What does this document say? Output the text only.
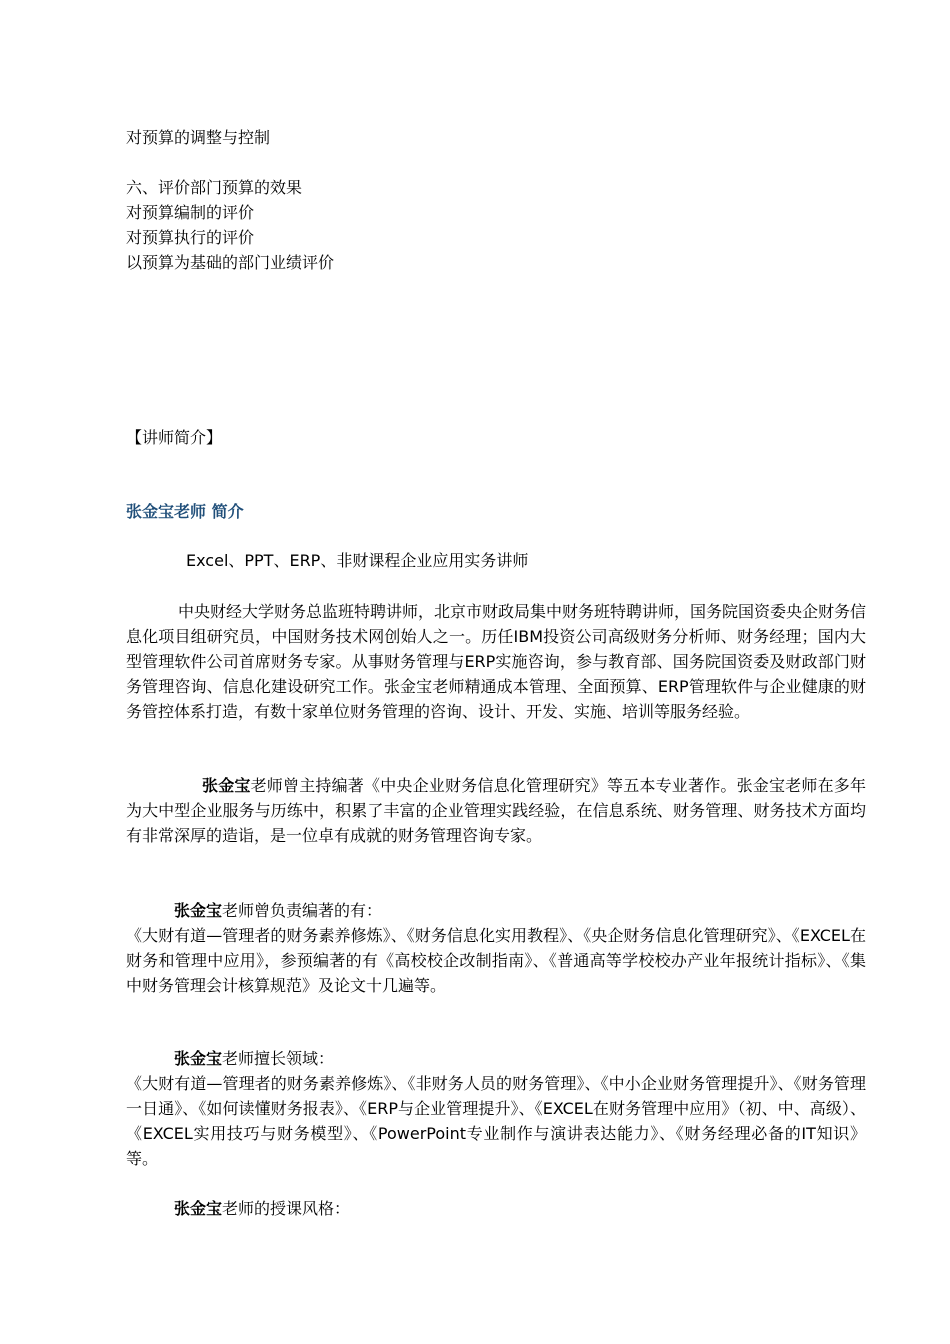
对预算的调整与控制

六、评价部门预算的效果

对预算编制的评价

对预算执行的评价

以预算为基础的部门业绩评价

【讲师简介】

张金宝老师 简介

Excel、PPT、ERP、非财课程企业应用实务讲师

中央财经大学财务总监班特聘讲师，北京市财政局集中财务班特聘讲师，国务院国资委央企财务信息化项目组研究员，中国财务技术网创始人之一。历任IBM投资公司高级财务分析师、财务经理；国内大型管理软件公司首席财务专家。从事财务管理与ERP实施咨询，参与教育部、国务院国资委及财政部门财务管理咨询、信息化建设研究工作。张金宝老师精通成本管理、全面预算、ERP管理软件与企业健康的财务管控体系打造，有数十家单位财务管理的咨询、设计、开发、实施、培训等服务经验。

张金宝老师曾主持编著《中央企业财务信息化管理研究》等五本专业著作。张金宝老师在多年为大中型企业服务与历练中，积累了丰富的企业管理实践经验，在信息系统、财务管理、财务技术方面均有非常深厚的造诣，是一位卓有成就的财务管理咨询专家。

张金宝老师曾负责编著的有：

《大财有道—管理者的财务素养修炼》、《财务信息化实用教程》、《央企财务信息化管理研究》、《EXCEL在财务和管理中应用》，参预编著的有《高校校企改制指南》、《普通高等学校校办产业年报统计指标》、《集中财务管理会计核算规范》及论文十几遍等。

张金宝老师擅长领域：

《大财有道—管理者的财务素养修炼》、《非财务人员的财务管理》、《中小企业财务管理提升》、《财务管理一日通》、《如何读懂财务报表》、《ERP与企业管理提升》、《EXCEL在财务管理中应用》（初、中、高级）、《EXCEL实用技巧与财务模型》、《PowerPoint专业制作与演讲表达能力》、《财务经理必备的IT知识》等。

张金宝老师的授课风格：
